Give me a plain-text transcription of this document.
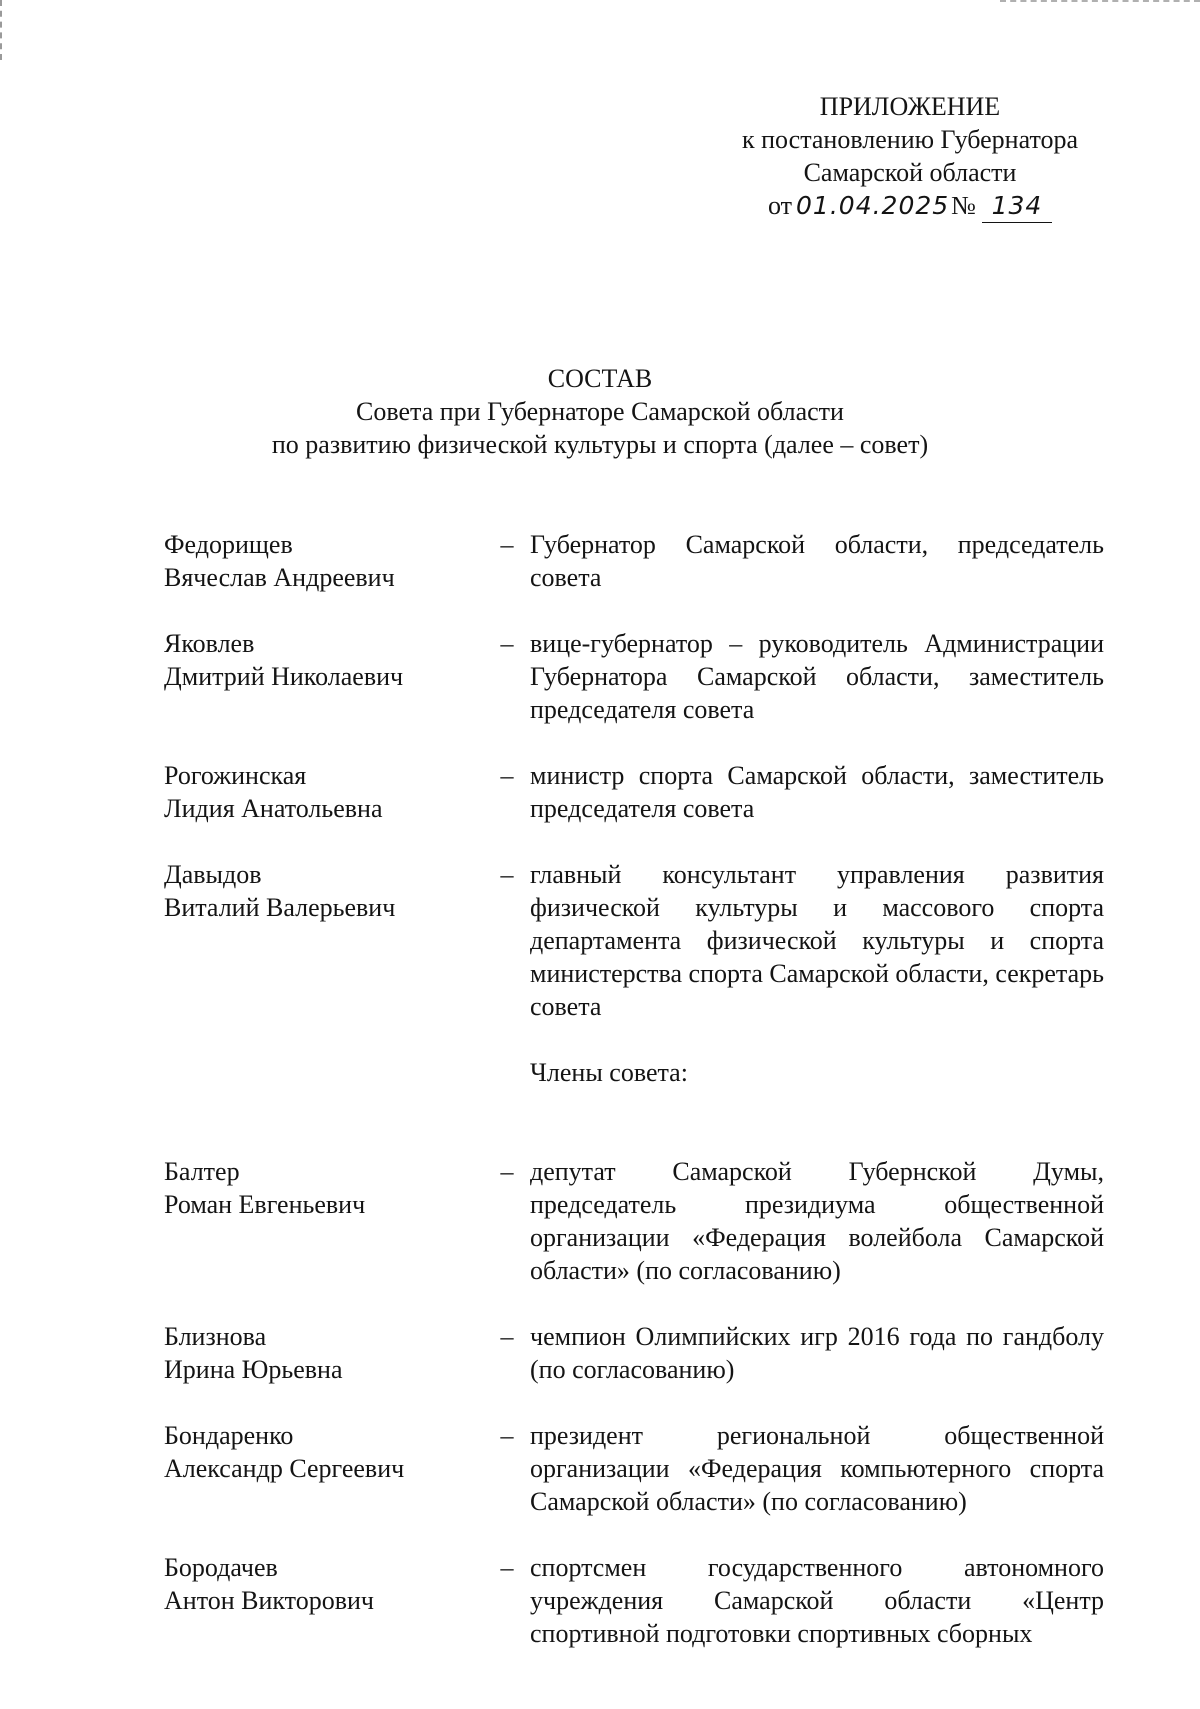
ПРИЛОЖЕНИЕ
к постановлению Губернатора
Самарской области
от 01.04.2025 № 134
СОСТАВ
Совета при Губернаторе Самарской области
по развитию физической культуры и спорта (далее – совет)
Федорищев
Вячеслав Андреевич
– Губернатор Самарской области, председатель совета
Яковлев
Дмитрий Николаевич
– вице-губернатор – руководитель Администрации Губернатора Самарской области, заместитель председателя совета
Рогожинская
Лидия Анатольевна
– министр спорта Самарской области, заместитель председателя совета
Давыдов
Виталий Валерьевич
– главный консультант управления развития физической культуры и массового спорта департамента физической культуры и спорта министерства спорта Самарской области, секретарь совета
Члены совета:
Балтер
Роман Евгеньевич
– депутат Самарской Губернской Думы, председатель президиума общественной организации «Федерация волейбола Самарской области» (по согласованию)
Близнова
Ирина Юрьевна
– чемпион Олимпийских игр 2016 года по гандболу (по согласованию)
Бондаренко
Александр Сергеевич
– президент региональной общественной организации «Федерация компьютерного спорта Самарской области» (по согласованию)
Бородачев
Антон Викторович
– спортсмен государственного автономного учреждения Самарской области «Центр спортивной подготовки спортивных сборных
